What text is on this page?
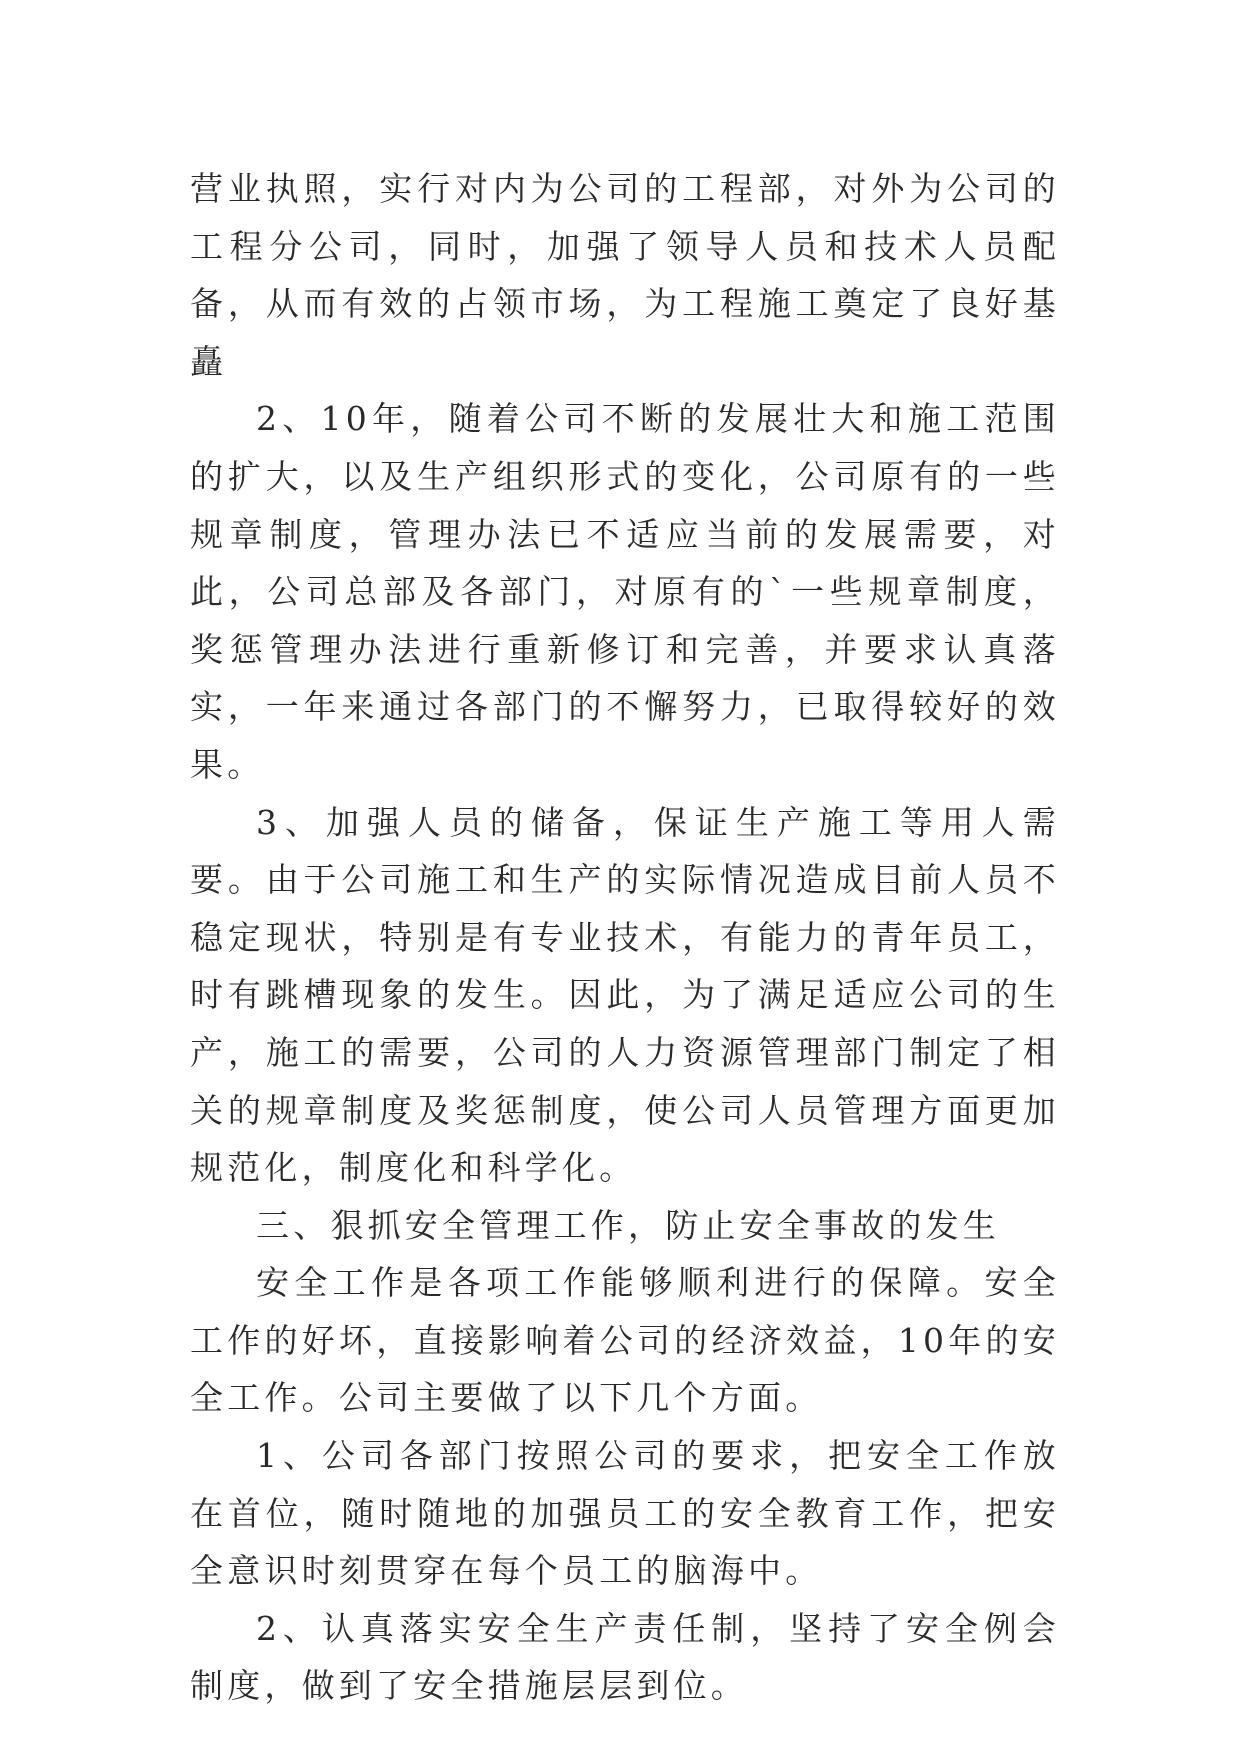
营业执照，实行对内为公司的工程部，对外为公司的工程分公司，同时，加强了领导人员和技术人员配备，从而有效的占领市场，为工程施工奠定了良好基矗

2、10年，随着公司不断的发展壮大和施工范围的扩大，以及生产组织形式的变化，公司原有的一些规章制度，管理办法已不适应当前的发展需要，对此，公司总部及各部门，对原有的`一些规章制度，奖惩管理办法进行重新修订和完善，并要求认真落实，一年来通过各部门的不懈努力，已取得较好的效果。

3、加强人员的储备，保证生产施工等用人需要。由于公司施工和生产的实际情况造成目前人员不稳定现状，特别是有专业技术，有能力的青年员工，时有跳槽现象的发生。因此，为了满足适应公司的生产，施工的需要，公司的人力资源管理部门制定了相关的规章制度及奖惩制度，使公司人员管理方面更加规范化，制度化和科学化。

三、狠抓安全管理工作，防止安全事故的发生

安全工作是各项工作能够顺利进行的保障。安全工作的好坏，直接影响着公司的经济效益，10年的安全工作。公司主要做了以下几个方面。

1、公司各部门按照公司的要求，把安全工作放在首位，随时随地的加强员工的安全教育工作，把安全意识时刻贯穿在每个员工的脑海中。

2、认真落实安全生产责任制，坚持了安全例会制度，做到了安全措施层层到位。
